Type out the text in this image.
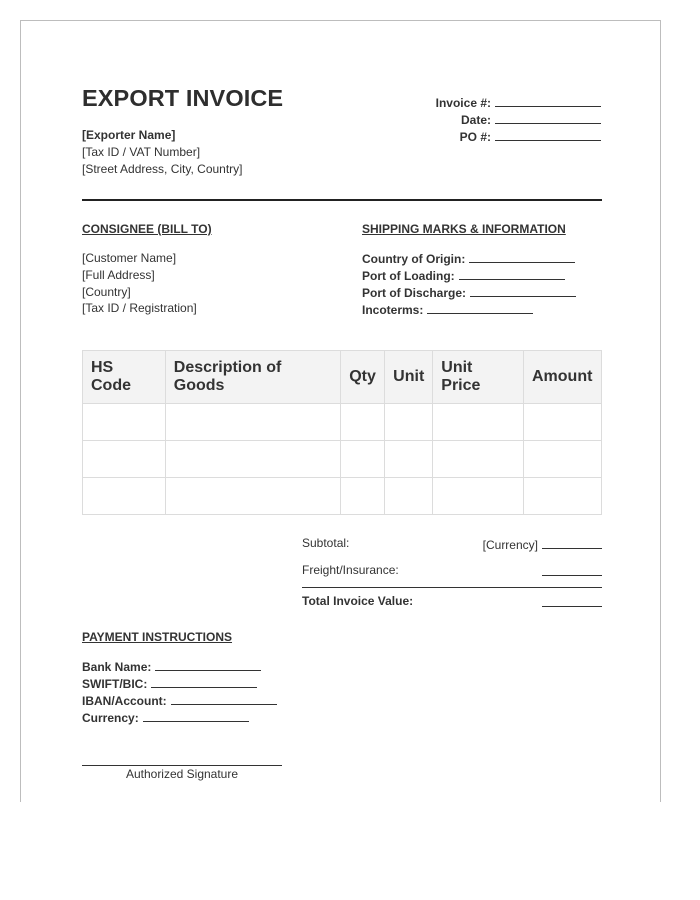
EXPORT INVOICE
[Exporter Name]
[Tax ID / VAT Number]
[Street Address, City, Country]
Invoice #:
Date:
PO #:
CONSIGNEE (BILL TO)
[Customer Name]
[Full Address]
[Country]
[Tax ID / Registration]
SHIPPING MARKS & INFORMATION
Country of Origin:
Port of Loading:
Port of Discharge:
Incoterms:
HS Code	Description of Goods	Qty	Unit	Unit Price	Amount

Subtotal:	[Currency]
Freight/Insurance:
Total Invoice Value:
PAYMENT INSTRUCTIONS
Bank Name:
SWIFT/BIC:
IBAN/Account:
Currency:
Authorized Signature
